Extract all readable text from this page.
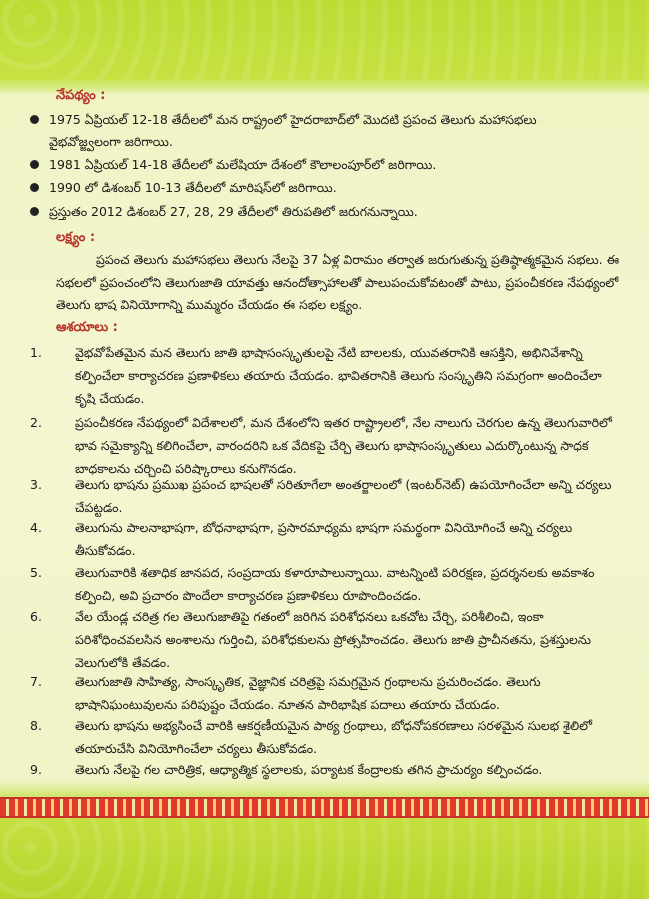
నేపథ్యం :
1975 ఏప్రియల్ 12-18 తేదీలలో మన రాష్ట్రంలో హైదరాబాద్‌లో మొదటి ప్రపంచ తెలుగు మహాసభలు వైభవోజ్జ్వలంగా జరిగాయి.
1981 ఏప్రియల్ 14-18 తేదీలలో మలేషియా దేశంలో కౌలాలంపూర్‌లో జరిగాయి.
1990 లో డిశంబర్ 10-13 తేదీలలో మారిషస్‌లో జరిగాయి.
ప్రస్తుతం 2012 డిశంబర్ 27, 28, 29 తేదీలలో తిరుపతిలో జరుగనున్నాయి.
లక్ష్యం :
ప్రపంచ తెలుగు మహాసభలు తెలుగు నేలపై 37 ఏళ్ల విరామం తర్వాత జరుగుతున్న ప్రతిష్ఠాత్మకమైన సభలు. ఈ సభలలో ప్రపంచంలోని తెలుగుజాతి యావత్తు ఆనందోత్సాహాలతో పాలుపంచుకోవటంతో పాటు, ప్రపంచీకరణ నేపథ్యంలో తెలుగు భాష వినియోగాన్ని ముమ్మరం చేయడం ఈ సభల లక్ష్యం.
ఆశయాలు :
1.	వైభవోపేతమైన మన తెలుగు జాతి భాషాసంస్కృతులపై నేటి బాలలకు, యువతరానికి ఆసక్తిని, అభినివేశాన్ని కల్పించేలా కార్యాచరణ ప్రణాళికలు తయారు చేయడం. భావితరానికి తెలుగు సంస్కృతిని సమగ్రంగా అందించేలా కృషి చేయడం.
2.	ప్రపంచీకరణ నేపథ్యంలో విదేశాలలో, మన దేశంలోని ఇతర రాష్ట్రాలలో, నేల నాలుగు చెరగుల ఉన్న తెలుగువారిలో భావ సమైక్యాన్ని కలిగించేలా, వారందరిని ఒక వేదికపై చేర్చి తెలుగు భాషాసంస్కృతులు ఎదుర్కొంటున్న సాధక బాధకాలను చర్చించి పరిష్కారాలు కనుగొనడం.
3.	తెలుగు భాషను ప్రముఖ ప్రపంచ భాషలతో సరితూగేలా అంతర్జాలంలో (ఇంటర్‌నెట్) ఉపయోగించేలా అన్ని చర్యలు చేపట్టడం.
4.	తెలుగును పాలనాభాషగా, బోధనాభాషగా, ప్రసారమాధ్యమ భాషగా సమర్థంగా వినియోగించే అన్ని చర్యలు తీసుకోవడం.
5.	తెలుగువారికి శతాధిక జానపద, సంప్రదాయ కళారూపాలున్నాయి. వాటన్నింటి పరిరక్షణ, ప్రదర్శనలకు అవకాశం కల్పించి, అవి ప్రచారం పొందేలా కార్యాచరణ ప్రణాళికలు రూపొందించడం.
6.	వేల యేండ్ల చరిత్ర గల తెలుగుజాతిపై గతంలో జరిగిన పరిశోధనలు ఒకచోట చేర్చి, పరిశీలించి, ఇంకా పరిశోధించవలసిన అంశాలను గుర్తించి, పరిశోధకులను ప్రోత్సహించడం. తెలుగు జాతి ప్రాచీనతను, ప్రశస్తులను వెలుగులోకి తేవడం.
7.	తెలుగుజాతి సాహిత్య, సాంస్కృతిక, వైజ్ఞానిక చరిత్రపై సమగ్రమైన గ్రంథాలను ప్రచురించడం. తెలుగు భాషానిఘంటువులను పరిపుష్టం చేయడం. నూతన పారిభాషిక పదాలు తయారు చేయడం.
8.	తెలుగు భాషను అభ్యసించే వారికి ఆకర్షణీయమైన పాఠ్య గ్రంథాలు, బోధనోపకరణాలు సరళమైన సులభ శైలిలో తయారుచేసి వినియోగించేలా చర్యలు తీసుకోవడం.
9.	తెలుగు నేలపై గల చారిత్రిక, ఆధ్యాత్మిక స్థలాలకు, పర్యాటక కేంద్రాలకు తగిన ప్రాచుర్యం కల్పించడం.
